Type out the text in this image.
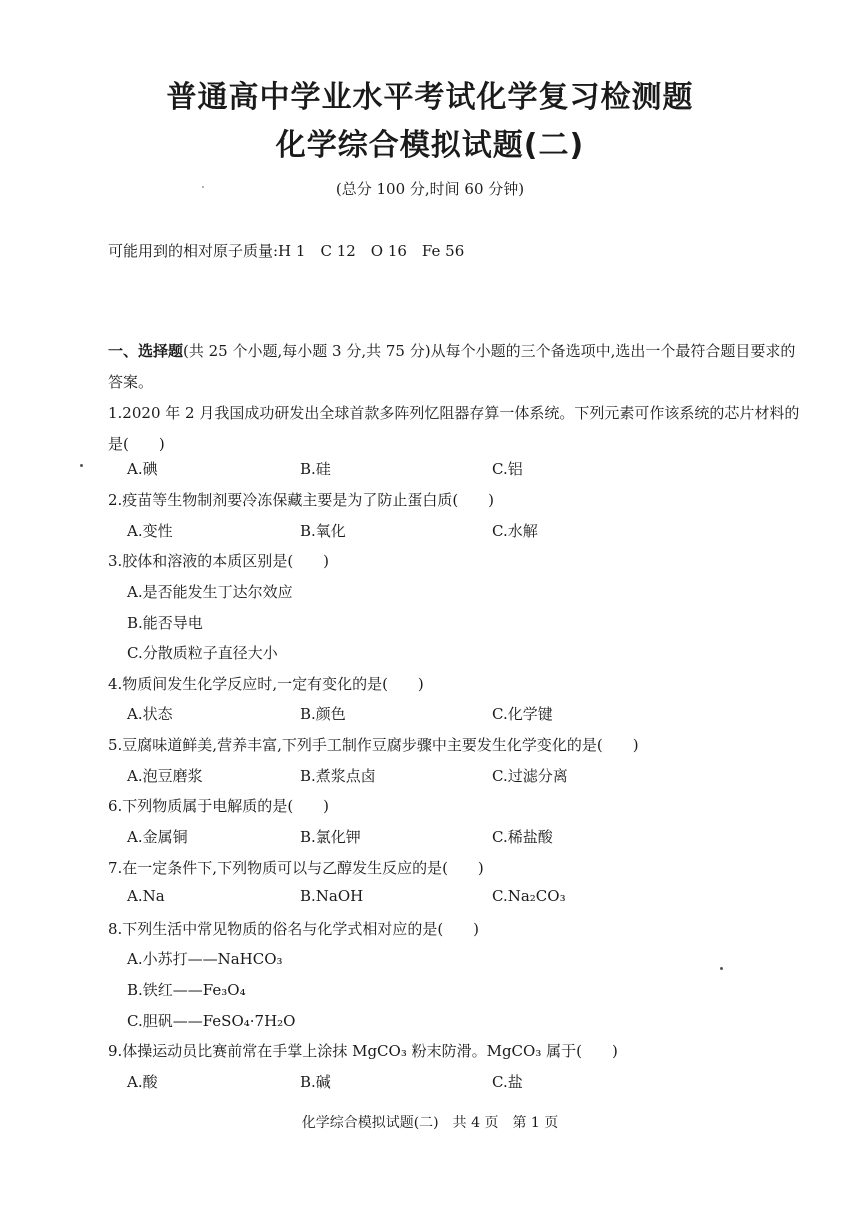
普通高中学业水平考试化学复习检测题
化学综合模拟试题(二)
(总分 100 分,时间 60 分钟)
可能用到的相对原子质量:H 1　C 12　O 16　Fe 56
一、选择题(共 25 个小题,每小题 3 分,共 75 分)从每个小题的三个备选项中,选出一个最符合题目要求的答案。
1.2020 年 2 月我国成功研发出全球首款多阵列忆阻器存算一体系统。下列元素可作该系统的芯片材料的是(　　)
A.碘	B.硅	C.铝
2.疫苗等生物制剂要冷冻保藏主要是为了防止蛋白质(　　)
A.变性	B.氧化	C.水解
3.胶体和溶液的本质区别是(　　)
A.是否能发生丁达尔效应
B.能否导电
C.分散质粒子直径大小
4.物质间发生化学反应时,一定有变化的是(　　)
A.状态	B.颜色	C.化学键
5.豆腐味道鲜美,营养丰富,下列手工制作豆腐步骤中主要发生化学变化的是(　　)
A.泡豆磨浆	B.煮浆点卤	C.过滤分离
6.下列物质属于电解质的是(　　)
A.金属铜	B.氯化钾	C.稀盐酸
7.在一定条件下,下列物质可以与乙醇发生反应的是(　　)
A.Na	B.NaOH	C.Na₂CO₃
8.下列生活中常见物质的俗名与化学式相对应的是(　　)
A.小苏打——NaHCO₃
B.铁红——Fe₃O₄
C.胆矾——FeSO₄·7H₂O
9.体操运动员比赛前常在手掌上涂抹 MgCO₃ 粉末防滑。MgCO₃ 属于(　　)
A.酸	B.碱	C.盐
化学综合模拟试题(二)　共 4 页　第 1 页
